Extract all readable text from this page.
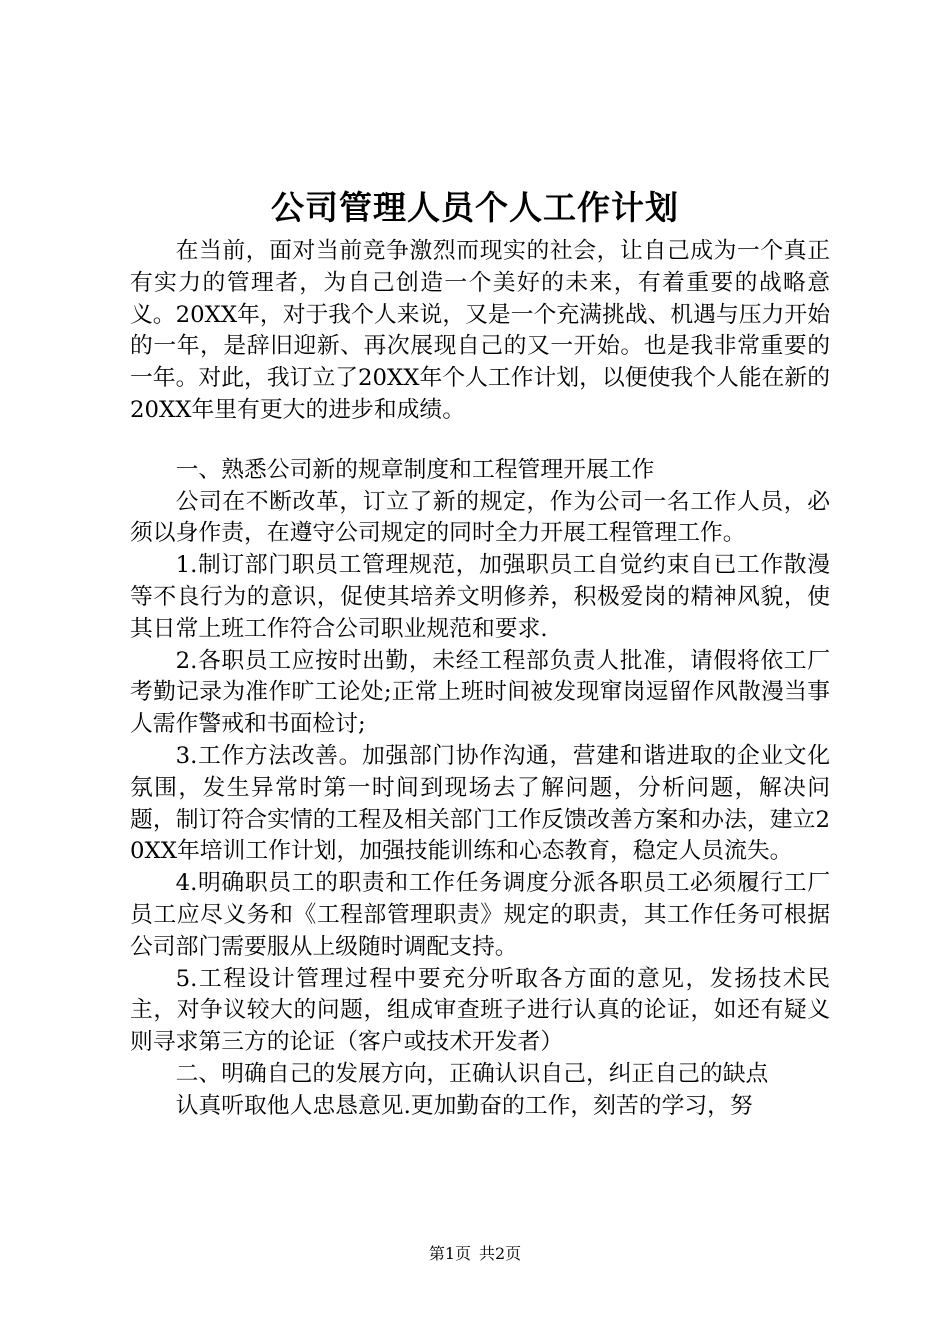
公司管理人员个人工作计划

在当前，面对当前竞争激烈而现实的社会，让自己成为一个真正有实力的管理者，为自己创造一个美好的未来，有着重要的战略意义。20XX年，对于我个人来说，又是一个充满挑战、机遇与压力开始的一年，是辞旧迎新、再次展现自己的又一开始。也是我非常重要的一年。对此，我订立了20XX年个人工作计划，以便使我个人能在新的20XX年里有更大的进步和成绩。

一、熟悉公司新的规章制度和工程管理开展工作

公司在不断改革，订立了新的规定，作为公司一名工作人员，必须以身作责，在遵守公司规定的同时全力开展工程管理工作。

1.制订部门职员工管理规范，加强职员工自觉约束自已工作散漫等不良行为的意识，促使其培养文明修养，积极爱岗的精神风貌，使其日常上班工作符合公司职业规范和要求.

2.各职员工应按时出勤，未经工程部负责人批准，请假将依工厂考勤记录为准作旷工论处;正常上班时间被发现窜岗逗留作风散漫当事人需作警戒和书面检讨;

3.工作方法改善。加强部门协作沟通，营建和谐进取的企业文化氛围，发生异常时第一时间到现场去了解问题，分析问题，解决问题，制订符合实情的工程及相关部门工作反馈改善方案和办法，建立20XX年培训工作计划，加强技能训练和心态教育，稳定人员流失。

4.明确职员工的职责和工作任务调度分派各职员工必须履行工厂员工应尽义务和《工程部管理职责》规定的职责，其工作任务可根据公司部门需要服从上级随时调配支持。

5.工程设计管理过程中要充分听取各方面的意见，发扬技术民主，对争议较大的问题，组成审查班子进行认真的论证，如还有疑义则寻求第三方的论证（客户或技术开发者）

二、明确自己的发展方向，正确认识自己，纠正自己的缺点

认真听取他人忠恳意见.更加勤奋的工作，刻苦的学习，努

第1页 共2页
